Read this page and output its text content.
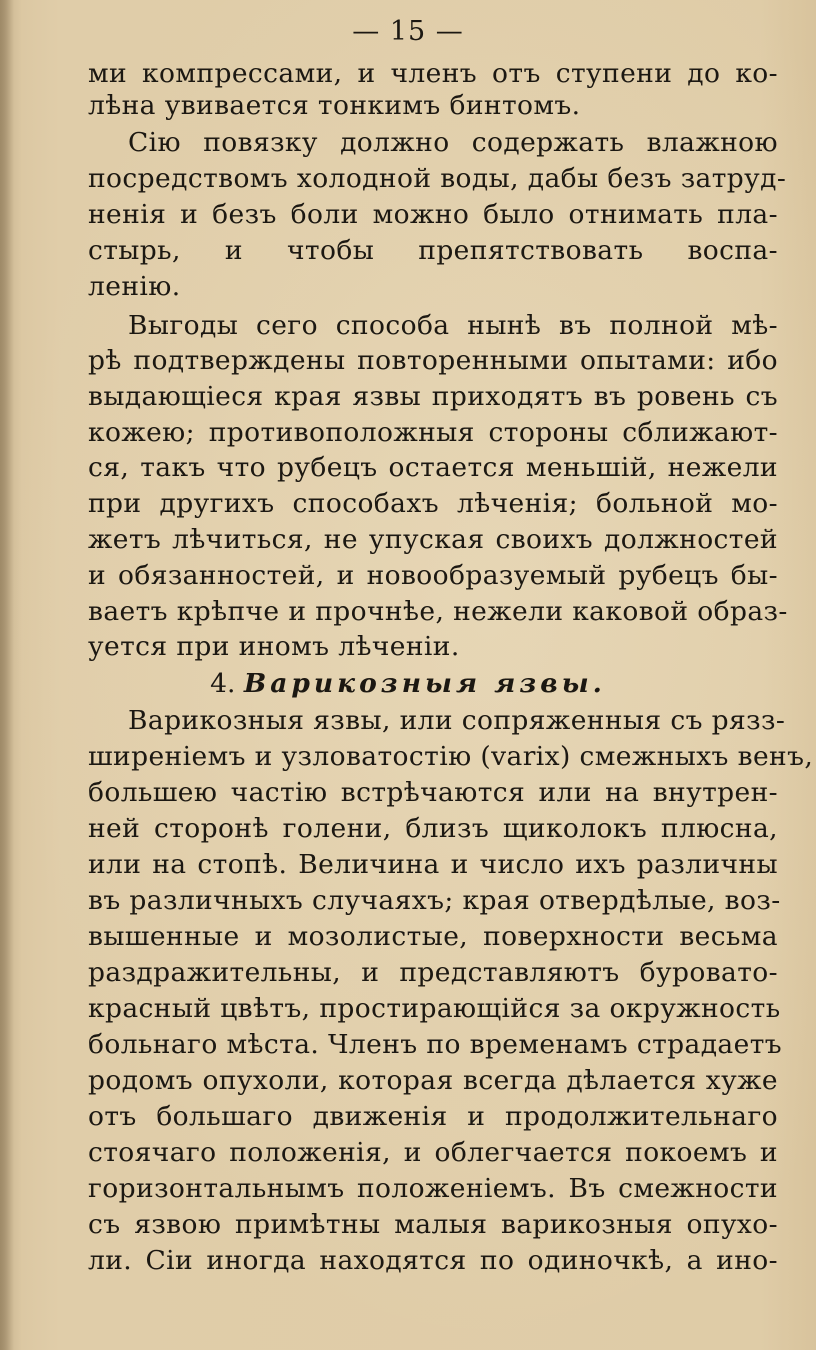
— 15 —
ми компрессами, и членъ отъ ступени до ко-
лѣна увивается тонкимъ бинтомъ.
Сію повязку должно содержать влажною
посредствомъ холодной воды, дабы безъ затруд-
ненія и безъ боли можно было отнимать пла-
стырь, и чтобы препятствовать воспа-
ленію.
Выгоды сего способа нынѣ въ полной мѣ-
рѣ подтверждены повторенными опытами: ибо
выдающіеся края язвы приходятъ въ ровень съ
кожею; противоположныя стороны сближают-
ся, такъ что рубецъ остается меньшій, нежели
при другихъ способахъ лѣченія; больной мо-
жетъ лѣчиться, не упуская своихъ должностей
и обязанностей, и новообразуемый рубецъ бы-
ваетъ крѣпче и прочнѣе, нежели каковой образ-
уется при иномъ лѣченіи.
4. Варикозныя язвы.
Варикозныя язвы, или сопряженныя съ рязз-
ширеніемъ и узловатостію (varix) смежныхъ венъ,
большею частію встрѣчаются или на внутрен-
ней сторонѣ голени, близъ щиколокъ плюсна,
или на стопѣ. Величина и число ихъ различны
въ различныхъ случаяхъ; края отвердѣлые, воз-
вышенные и мозолистые, поверхности весьма
раздражительны, и представляютъ буровато-
красный цвѣтъ, простирающійся за окружность
больнаго мѣста. Членъ по временамъ страдаетъ
родомъ опухоли, которая всегда дѣлается хуже
отъ большаго движенія и продолжительнаго
стоячаго положенія, и облегчается покоемъ и
горизонтальнымъ положеніемъ. Въ смежности
съ язвою примѣтны малыя варикозныя опухо-
ли. Сіи иногда находятся по одиночкѣ, а ино-
